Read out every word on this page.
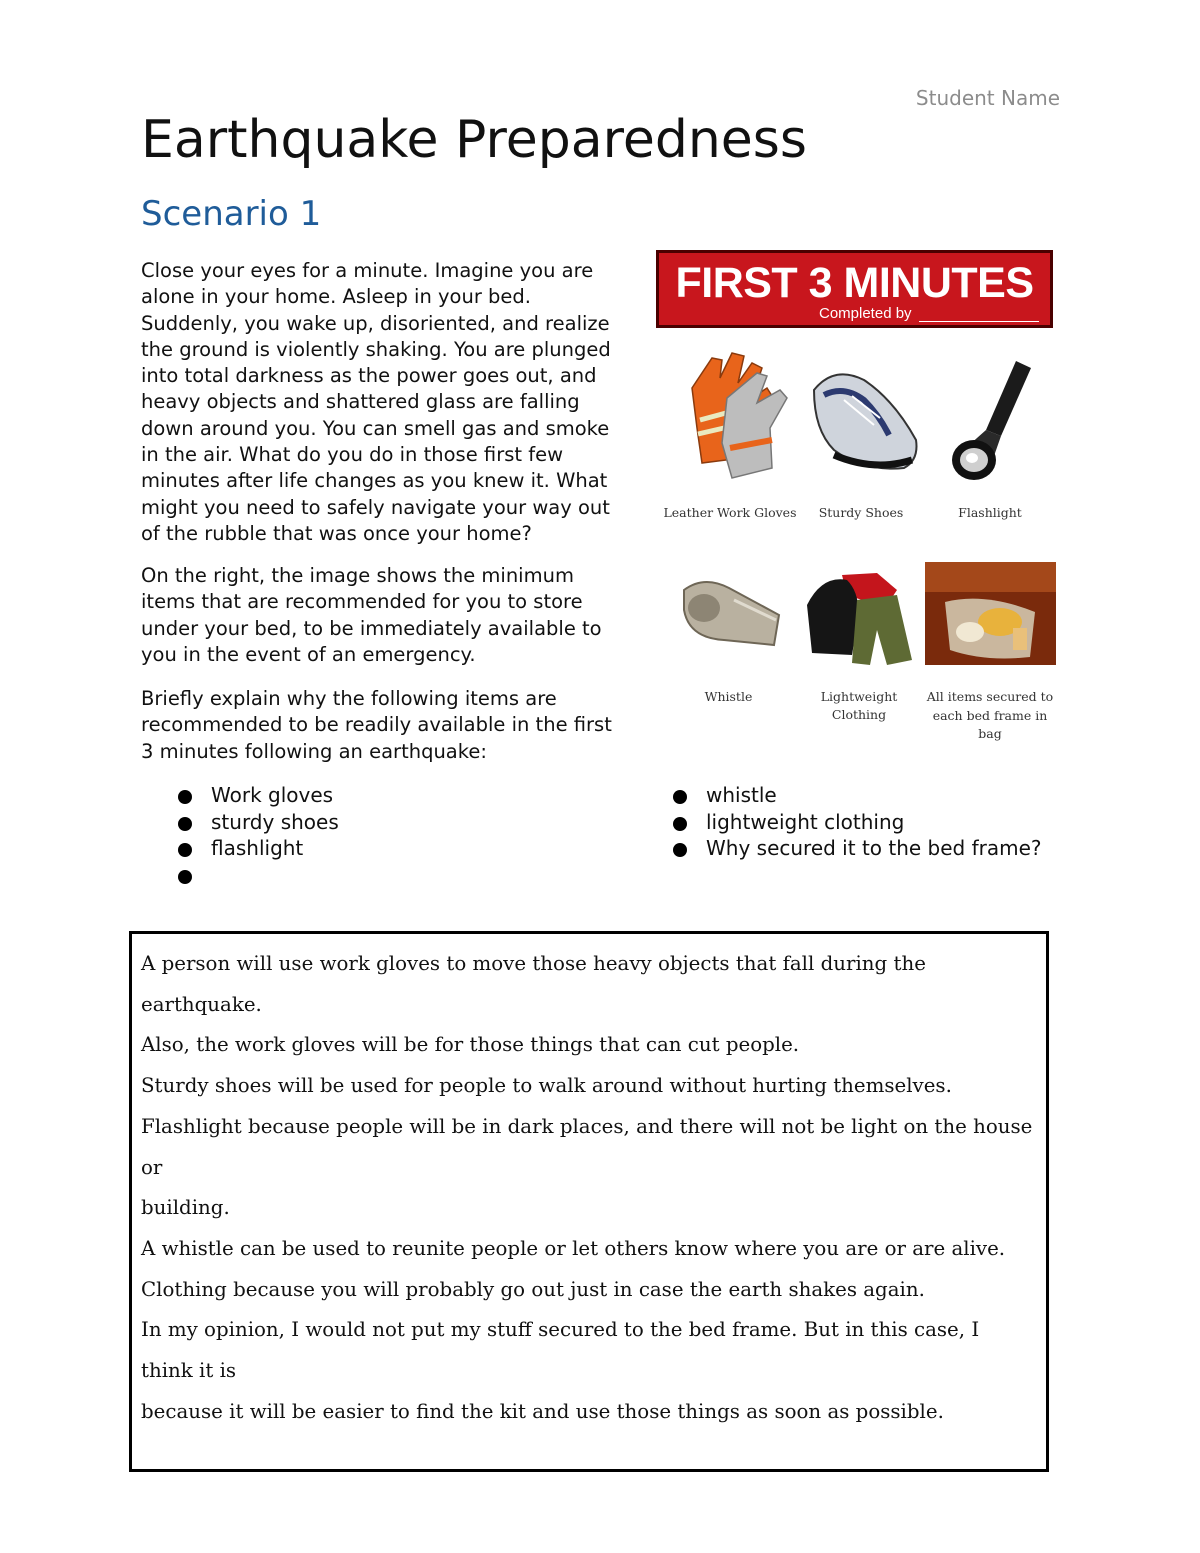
Student Name
Earthquake Preparedness
Scenario 1

Close your eyes for a minute. Imagine you are alone in your home. Asleep in your bed. Suddenly, you wake up, disoriented, and realize the ground is violently shaking. You are plunged into total darkness as the power goes out, and heavy objects and shattered glass are falling down around you. You can smell gas and smoke in the air. What do you do in those first few minutes after life changes as you knew it. What might you need to safely navigate your way out of the rubble that was once your home?

On the right, the image shows the minimum items that are recommended for you to store under your bed, to be immediately available to you in the event of an emergency.

Briefly explain why the following items are recommended to be readily available in the first 3 minutes following an earthquake:

Work gloves
sturdy shoes
flashlight
whistle
lightweight clothing
Why secured it to the bed frame?
FIRST 3 MINUTES
Completed by
Leather Work Gloves	Sturdy Shoes	Flashlight
Whistle	Lightweight
Clothing
All items secured to
each bed frame in bag

A person will use work gloves to move those heavy objects that fall during the earthquake.
Also, the work gloves will be for those things that can cut people.
Sturdy shoes will be used for people to walk around without hurting themselves.
Flashlight because people will be in dark places, and there will not be light on the house or
building.
A whistle can be used to reunite people or let others know where you are or are alive.
Clothing because you will probably go out just in case the earth shakes again.
In my opinion, I would not put my stuff secured to the bed frame. But in this case, I think it is
because it will be easier to find the kit and use those things as soon as possible.
